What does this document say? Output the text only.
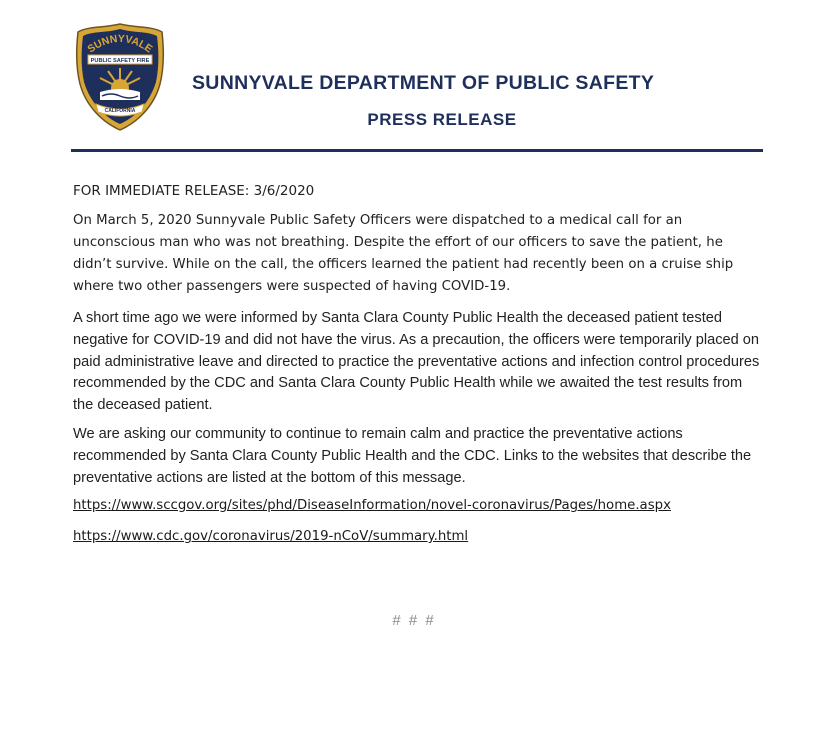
SUNNYVALE
PUBLIC SAFETY FIRE
CALIFORNIA
SUNNYVALE DEPARTMENT OF PUBLIC SAFETY
PRESS RELEASE
FOR IMMEDIATE RELEASE: 3/6/2020
On March 5, 2020 Sunnyvale Public Safety Officers were dispatched to a medical call for an unconscious man who was not breathing. Despite the effort of our officers to save the patient, he didn’t survive. While on the call, the officers learned the patient had recently been on a cruise ship where two other passengers were suspected of having COVID-19.
A short time ago we were informed by Santa Clara County Public Health the deceased patient tested negative for COVID-19 and did not have the virus. As a precaution, the officers were temporarily placed on paid administrative leave and directed to practice the preventative actions and infection control procedures recommended by the CDC and Santa Clara County Public Health while we awaited the test results from the deceased patient.
We are asking our community to continue to remain calm and practice the preventative actions recommended by Santa Clara County Public Health and the CDC. Links to the websites that describe the preventative actions are listed at the bottom of this message.
https://www.sccgov.org/sites/phd/DiseaseInformation/novel-coronavirus/Pages/home.aspx
https://www.cdc.gov/coronavirus/2019-nCoV/summary.html
# # #
